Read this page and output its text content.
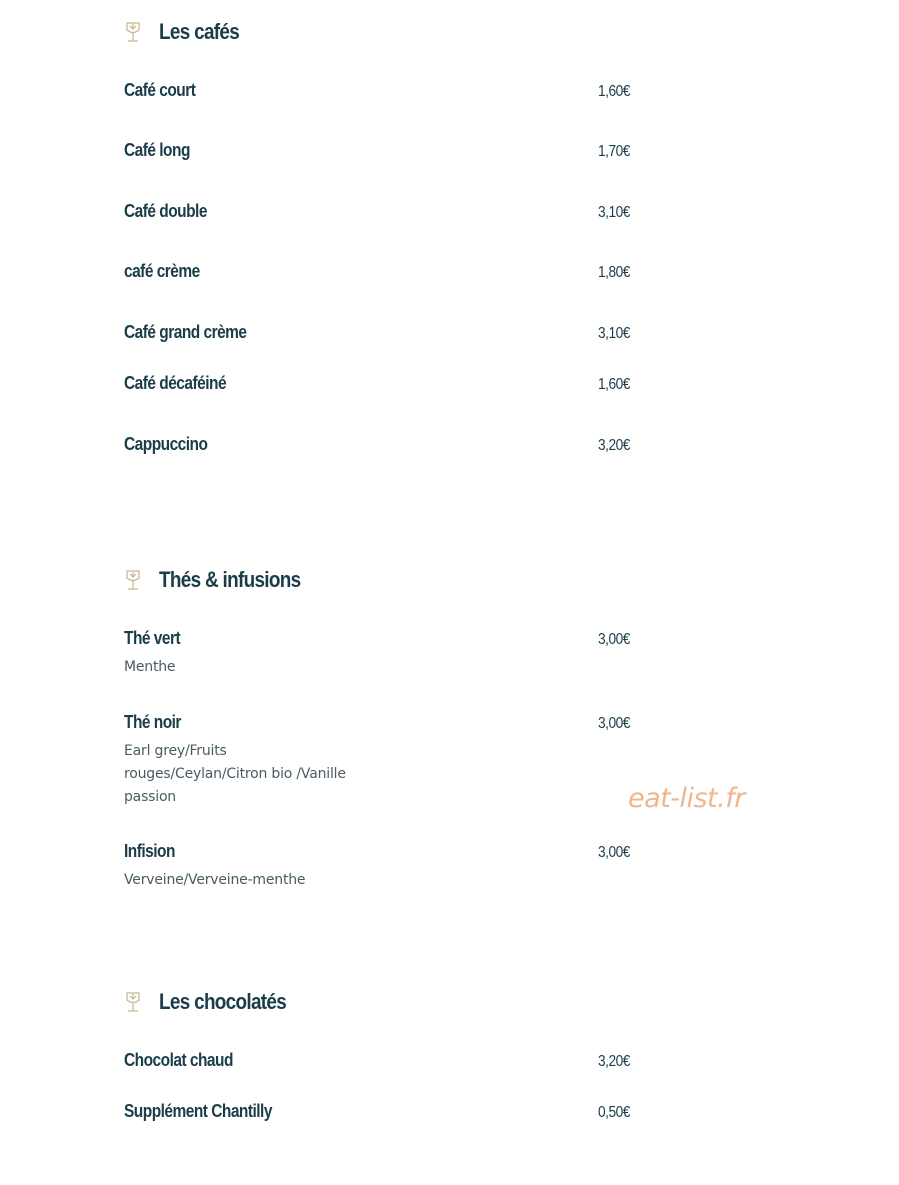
Les cafés
Café court	1,60€
Café long	1,70€
Café double	3,10€
café crème	1,80€
Café grand crème	3,10€
Café décaféiné	1,60€
Cappuccino	3,20€
Thés & infusions
Thé vert	3,00€
Menthe
Thé noir	3,00€
Earl grey/Fruits rouges/Ceylan/Citron bio /Vanille passion
Infision	3,00€
Verveine/Verveine-menthe
Les chocolatés
Chocolat chaud	3,20€
Supplément Chantilly	0,50€
eat-list.fr
